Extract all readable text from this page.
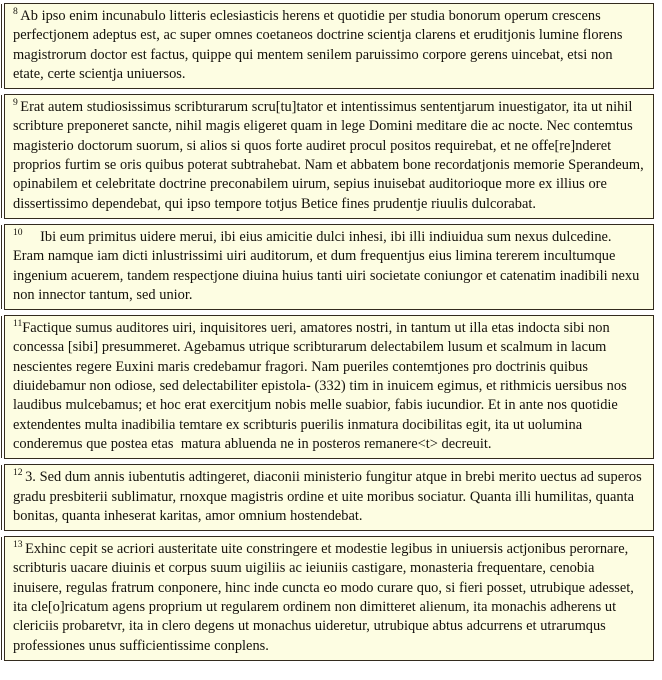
$^8$ Ab ipso enim incunabulo litteris eclesiasticis herens et quotidie per studia bonorum operum crescens perfectjonem adeptus est, ac super omnes coetaneos doctrine scientja clarens et eruditjonis lumine florens magistrorum doctor est factus, quippe qui mentem senilem paruissimo corpore gerens uincebat, etsi non etate, certe scientja uniuersos.
$^9$ Erat autem studiosissimus scribturarum scru[tu]tator et intentissimus sententjarum inuestigator, ita ut nihil scribture preponeret sancte, nihil magis eligeret quam in lege Domini meditare die ac nocte. Nec contemtus magisterio doctorum suorum, si alios si quos forte audiret procul positos requirebat, et ne offe[re]nderet proprios furtim se oris quibus poterat subtrahebat. Nam et abbatem bone recordatjonis memorie Sperandeum, opinabilem et celebritate doctrine preconabilem uirum, sepius inuisebat auditorioque more ex illius ore dissertissimo dependebat, qui ipso tempore totjus Betice fines prudentje riuulis dulcorabat.
$^{10}$ Ibi eum primitus uidere merui, ibi eius amicitie dulci inhesi, ibi illi indiuidua sum nexus dulcedine. Eram namque iam dicti inlustrissimi uiri auditorum, et dum frequentjus eius limina tererem incultumque ingenium acuerem, tandem respectjone diuina huius tanti uiri societate coniungor et catenatim inadibili nexu non innector tantum, sed unior.
$^{11}$Factique sumus auditores uiri, inquisitores ueri, amatores nostri, in tantum ut illa etas indocta sibi non concessa [sibi] presummeret. Agebamus utrique scribturarum delectabilem lusum et scalmum in lacum nescientes regere Euxini maris credebamur fragori. Nam pueriles contemtjones pro doctrinis quibus diuidebamur non odiose, sed delectabiliter epistola- (332) tim in inuicem egimus, et rithmicis uersibus nos laudibus mulcebamus; et hoc erat exercitjum nobis melle suabior, fabis iucundior. Et in ante nos quotidie extendentes multa inadibilia temtare ex scribturis puerilis inmatura docibilitas egit, ita ut uolumina conderemus que postea etas  matura abluenda ne in posteros remanere<t> decreuit.
$^{12}$ 3. Sed dum annis iubentutis adtingeret, diaconii ministerio fungitur atque in brebi merito uectus ad superos gradu presbiterii sublimatur, rnoxque magistris ordine et uite moribus sociatur. Quanta illi humilitas, quanta bonitas, quanta inheserat karitas, amor omnium hostendebat.
$^{13}$ Exhinc cepit se acriori austeritate uite constringere et modestie legibus in uniuersis actjonibus perornare, scribturis uacare diuinis et corpus suum uigiliis ac ieiuniis castigare, monasteria frequentare, cenobia inuisere, regulas fratrum conponere, hinc inde cuncta eo modo curare quo, si fieri posset, utrubique adesset, ita cle[o]ricatum agens proprium ut regularem ordinem non dimitteret alienum, ita monachis adherens ut clericiis probaretvr, ita in clero degens ut monachus uideretur, utrubique abtus adcurrens et utrarumqus professiones unus sufficientissime conplens.
